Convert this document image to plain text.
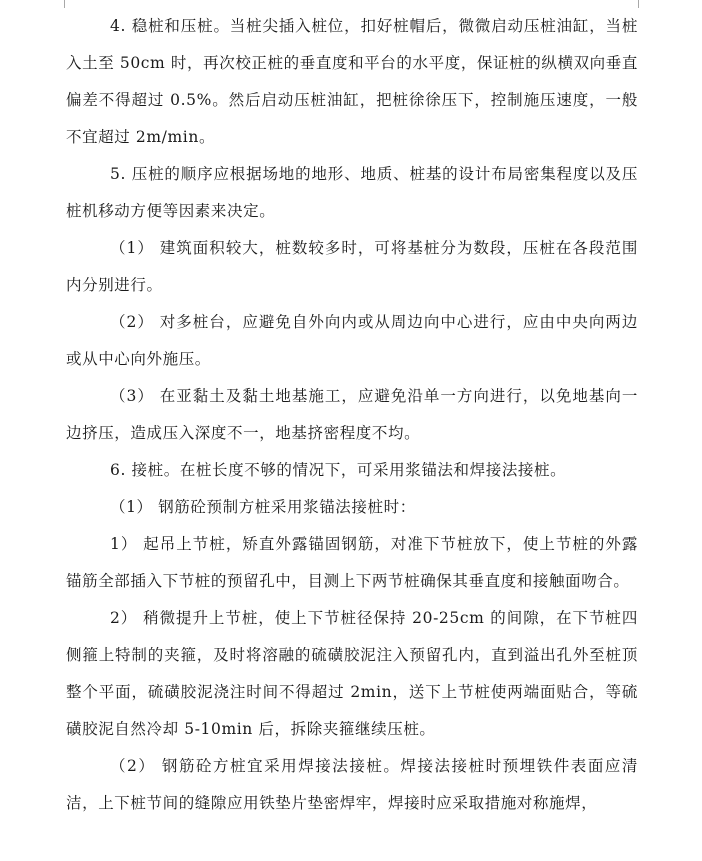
4. 稳桩和压桩。当桩尖插入桩位，扣好桩帽后，微微启动压桩油缸，当桩入土至 50cm 时，再次校正桩的垂直度和平台的水平度，保证桩的纵横双向垂直偏差不得超过 0.5%。然后启动压桩油缸，把桩徐徐压下，控制施压速度，一般不宜超过 2m/min。

5. 压桩的顺序应根据场地的地形、地质、桩基的设计布局密集程度以及压桩机移动方便等因素来决定。

（1） 建筑面积较大，桩数较多时，可将基桩分为数段，压桩在各段范围内分别进行。

（2） 对多桩台，应避免自外向内或从周边向中心进行，应由中央向两边或从中心向外施压。

（3） 在亚黏土及黏土地基施工，应避免沿单一方向进行，以免地基向一边挤压，造成压入深度不一，地基挤密程度不均。

6. 接桩。在桩长度不够的情况下，可采用浆锚法和焊接法接桩。

（1） 钢筋砼预制方桩采用浆锚法接桩时：

1） 起吊上节桩，矫直外露锚固钢筋，对准下节桩放下，使上节桩的外露锚筋全部插入下节桩的预留孔中，目测上下两节桩确保其垂直度和接触面吻合。

2） 稍微提升上节桩，使上下节桩径保持 20-25cm 的间隙，在下节桩四侧箍上特制的夹箍，及时将溶融的硫磺胶泥注入预留孔内，直到溢出孔外至桩顶整个平面，硫磺胶泥浇注时间不得超过 2min，送下上节桩使两端面贴合，等硫磺胶泥自然冷却 5-10min 后，拆除夹箍继续压桩。

（2） 钢筋砼方桩宜采用焊接法接桩。焊接法接桩时预埋铁件表面应清洁，上下桩节间的缝隙应用铁垫片垫密焊牢，焊接时应采取措施对称施焊，
